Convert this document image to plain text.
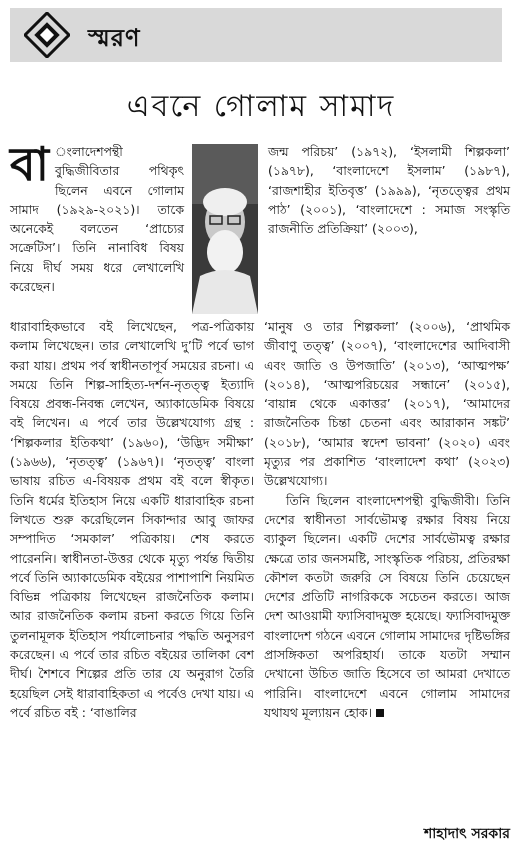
স্মরণ
এবনে গোলাম সামাদ
বা ংলাদেশপন্থী বুদ্ধিজীবিতার পথিকৃৎ ছিলেন এবনে গোলাম সামাদ (১৯২৯-২০২১)। তাকে অনেকেই বলতেন ‘প্রাচ্যের সক্রেটিস’। তিনি নানাবিধ বিষয় নিয়ে দীর্ঘ সময় ধরে লেখালেখি করেছেন।

ধারাবাহিকভাবে বই লিখেছেন, পত্র-পত্রিকায় কলাম লিখেছেন। তার লেখালেখি দু’টি পর্বে ভাগ করা যায়। প্রথম পর্ব স্বাধীনতাপূর্ব সময়ের রচনা। এ সময়ে তিনি শিল্প-সাহিত্য-দর্শন-নৃতত্ত্ব ইত্যাদি বিষয়ে প্রবন্ধ-নিবন্ধ লেখেন, অ্যাকাডেমিক বিষয়ে বই লিখেন। এ পর্বে তার উল্লেখযোগ্য গ্রন্থ : ‘শিল্পকলার ইতিকথা’ (১৯৬০), ‘উদ্ভিদ সমীক্ষা’ (১৯৬৬), ‘নৃতত্ত্ব’ (১৯৬৭)। ‘নৃতত্ত্ব’ বাংলা ভাষায় রচিত এ-বিষয়ক প্রথম বই বলে স্বীকৃত। তিনি ধর্মের ইতিহাস নিয়ে একটি ধারাবাহিক রচনা লিখতে শুরু করেছিলেন সিকান্দার আবু জাফর সম্পাদিত ‘সমকাল’ পত্রিকায়। শেষ করতে পারেননি। স্বাধীনতা-উত্তর থেকে মৃত্যু পর্যন্ত দ্বিতীয় পর্বে তিনি অ্যাকাডেমিক বইয়ের পাশাপাশি নিয়মিত বিভিন্ন পত্রিকায় লিখেছেন রাজনৈতিক কলাম। আর রাজনৈতিক কলাম রচনা করতে গিয়ে তিনি তুলনামূলক ইতিহাস পর্যালোচনার পদ্ধতি অনুসরণ করেছেন। এ পর্বে তার রচিত বইয়ের তালিকা বেশ দীর্ঘ। শৈশবে শিল্পের প্রতি তার যে অনুরাগ তৈরি হয়েছিল সেই ধারাবাহিকতা এ পর্বেও দেখা যায়। এ পর্বে রচিত বই : ‘বাঙালির

জন্ম পরিচয়’ (১৯৭২), ‘ইসলামী শিল্পকলা’ (১৯৭৮), ‘বাংলাদেশে ইসলাম’ (১৯৮৭), ‘রাজশাহীর ইতিবৃত্ত’ (১৯৯৯), ‘নৃতত্ত্বের প্রথম পাঠ’ (২০০১), ‘বাংলাদেশে : সমাজ সংস্কৃতি রাজনীতি প্রতিক্রিয়া’ (২০০৩),

‘মানুষ ও তার শিল্পকলা’ (২০০৬), ‘প্রাথমিক জীবাণু তত্ত্ব’ (২০০৭), ‘বাংলাদেশের আদিবাসী এবং জাতি ও উপজাতি’ (২০১৩), ‘আত্মপক্ষ’ (২০১৪), ‘আত্মপরিচয়ের সন্ধানে’ (২০১৫), ‘বায়ান্ন থেকে একাত্তর’ (২০১৭), ‘আমাদের রাজনৈতিক চিন্তা চেতনা এবং আরাকান সঙ্কট’ (২০১৮), ‘আমার স্বদেশ ভাবনা’ (২০২০) এবং মৃত্যুর পর প্রকাশিত ‘বাংলাদেশ কথা’ (২০২৩) উল্লেখযোগ্য।

তিনি ছিলেন বাংলাদেশপন্থী বুদ্ধিজীবী। তিনি দেশের স্বাধীনতা সার্বভৌমত্ব রক্ষার বিষয় নিয়ে ব্যাকুল ছিলেন। একটি দেশের সার্বভৌমত্ব রক্ষার ক্ষেত্রে তার জনসমষ্টি, সাংস্কৃতিক পরিচয়, প্রতিরক্ষা কৌশল কতটা জরুরি সে বিষয়ে তিনি চেয়েছেন দেশের প্রতিটি নাগরিককে সচেতন করতে। আজ দেশ আওয়ামী ফ্যাসিবাদমুক্ত হয়েছে। ফ্যাসিবাদমুক্ত বাংলাদেশ গঠনে এবনে গোলাম সামাদের দৃষ্টিভঙ্গির প্রাসঙ্গিকতা অপরিহার্য। তাকে যতটা সম্মান দেখানো উচিত জাতি হিসেবে তা আমরা দেখাতে পারিনি। বাংলাদেশে এবনে গোলাম সামাদের যথাযথ মূল্যায়ন হোক।

শাহাদাৎ সরকার
